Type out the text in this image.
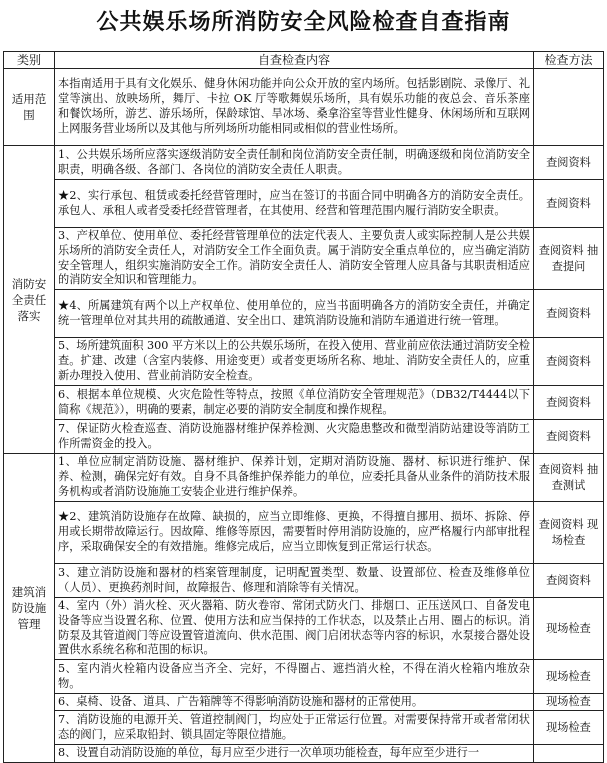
公共娱乐场所消防安全风险检查自查指南
类别	自查检查内容	检查方法
适用范围	本指南适用于具有文化娱乐、健身休闲功能并向公众开放的室内场所。包括影剧院、录像厅、礼堂等演出、放映场所，舞厅、卡拉 OK 厅等歌舞娱乐场所，具有娱乐功能的夜总会、音乐茶座和餐饮场所，游艺、游乐场所，保龄球馆、旱冰场、桑拿浴室等营业性健身、休闲场所和互联网上网服务营业场所以及其他与所列场所功能相同或相似的营业性场所。	
消防安全责任落实	1、公共娱乐场所应落实逐级消防安全责任制和岗位消防安全责任制，明确逐级和岗位消防安全职责，明确各级、各部门、各岗位的消防安全责任人职责。	查阅资料
	★2、实行承包、租赁或委托经营管理时，应当在签订的书面合同中明确各方的消防安全责任。承包人、承租人或者受委托经营管理者，在其使用、经营和管理范围内履行消防安全职责。	查阅资料
	3、产权单位、使用单位、委托经营管理单位的法定代表人、主要负责人或实际控制人是公共娱乐场所的消防安全责任人，对消防安全工作全面负责。属于消防安全重点单位的，应当确定消防安全管理人，组织实施消防安全工作。消防安全责任人、消防安全管理人应具备与其职责相适应的消防安全知识和管理能力。	查阅资料 抽查提问
	★4、所属建筑有两个以上产权单位、使用单位的，应当书面明确各方的消防安全责任，并确定统一管理单位对其共用的疏散通道、安全出口、建筑消防设施和消防车通道进行统一管理。	查阅资料
	5、场所建筑面积 300 平方米以上的公共娱乐场所，在投入使用、营业前应依法通过消防安全检查。扩建、改建（含室内装修、用途变更）或者变更场所名称、地址、消防安全责任人的，应重新办理投入使用、营业前消防安全检查。	查阅资料
	6、根据本单位规模、火灾危险性等特点，按照《单位消防安全管理规范》（DB32/T4444以下简称《规范》），明确的要素，制定必要的消防安全制度和操作规程。	查阅资料
	7、保证防火检查巡查、消防设施器材维护保养检测、火灾隐患整改和微型消防站建设等消防工作所需资金的投入。	查阅资料
建筑消防设施管理	1、单位应制定消防设施、器材维护、保养计划，定期对消防设施、器材、标识进行维护、保养、检测，确保完好有效。自身不具备维护保养能力的单位，应委托具备从业条件的消防技术服务机构或者消防设施施工安装企业进行维护保养。	查阅资料 抽查测试
	★2、建筑消防设施存在故障、缺损的，应当立即维修、更换，不得擅自挪用、损坏、拆除、停用或长期带故障运行。因故障、维修等原因，需要暂时停用消防设施的，应严格履行内部审批程序，采取确保安全的有效措施。维修完成后，应当立即恢复到正常运行状态。	查阅资料 现场检查
	3、建立消防设施和器材的档案管理制度，记明配置类型、数量、设置部位、检查及维修单位（人员）、更换药剂时间，故障报告、修理和消除等有关情况。	查阅资料
	4、室内（外）消火栓、灭火器箱、防火卷帘、常闭式防火门、排烟口、正压送风口、自备发电设备等应当设置名称、位置、使用方法和应当保持的工作状态，以及禁止占用、圈占的标识。消防泵及其管道阀门等应设置管道流向、供水范围、阀门启闭状态等内容的标识，水泵接合器处设置供水系统名称和范围的标识。	现场检查
	5、室内消火栓箱内设备应当齐全、完好，不得圈占、遮挡消火栓，不得在消火栓箱内堆放杂物。	现场检查
	6、桌椅、设备、道具、广告箱牌等不得影响消防设施和器材的正常使用。	现场检查
	7、消防设施的电源开关、管道控制阀门，均应处于正常运行位置。对需要保持常开或者常闭状态的阀门，应采取铅封、锁具固定等限位措施。	现场检查
	8、设置自动消防设施的单位，每月应至少进行一次单项功能检查，每年应至少进行一	
